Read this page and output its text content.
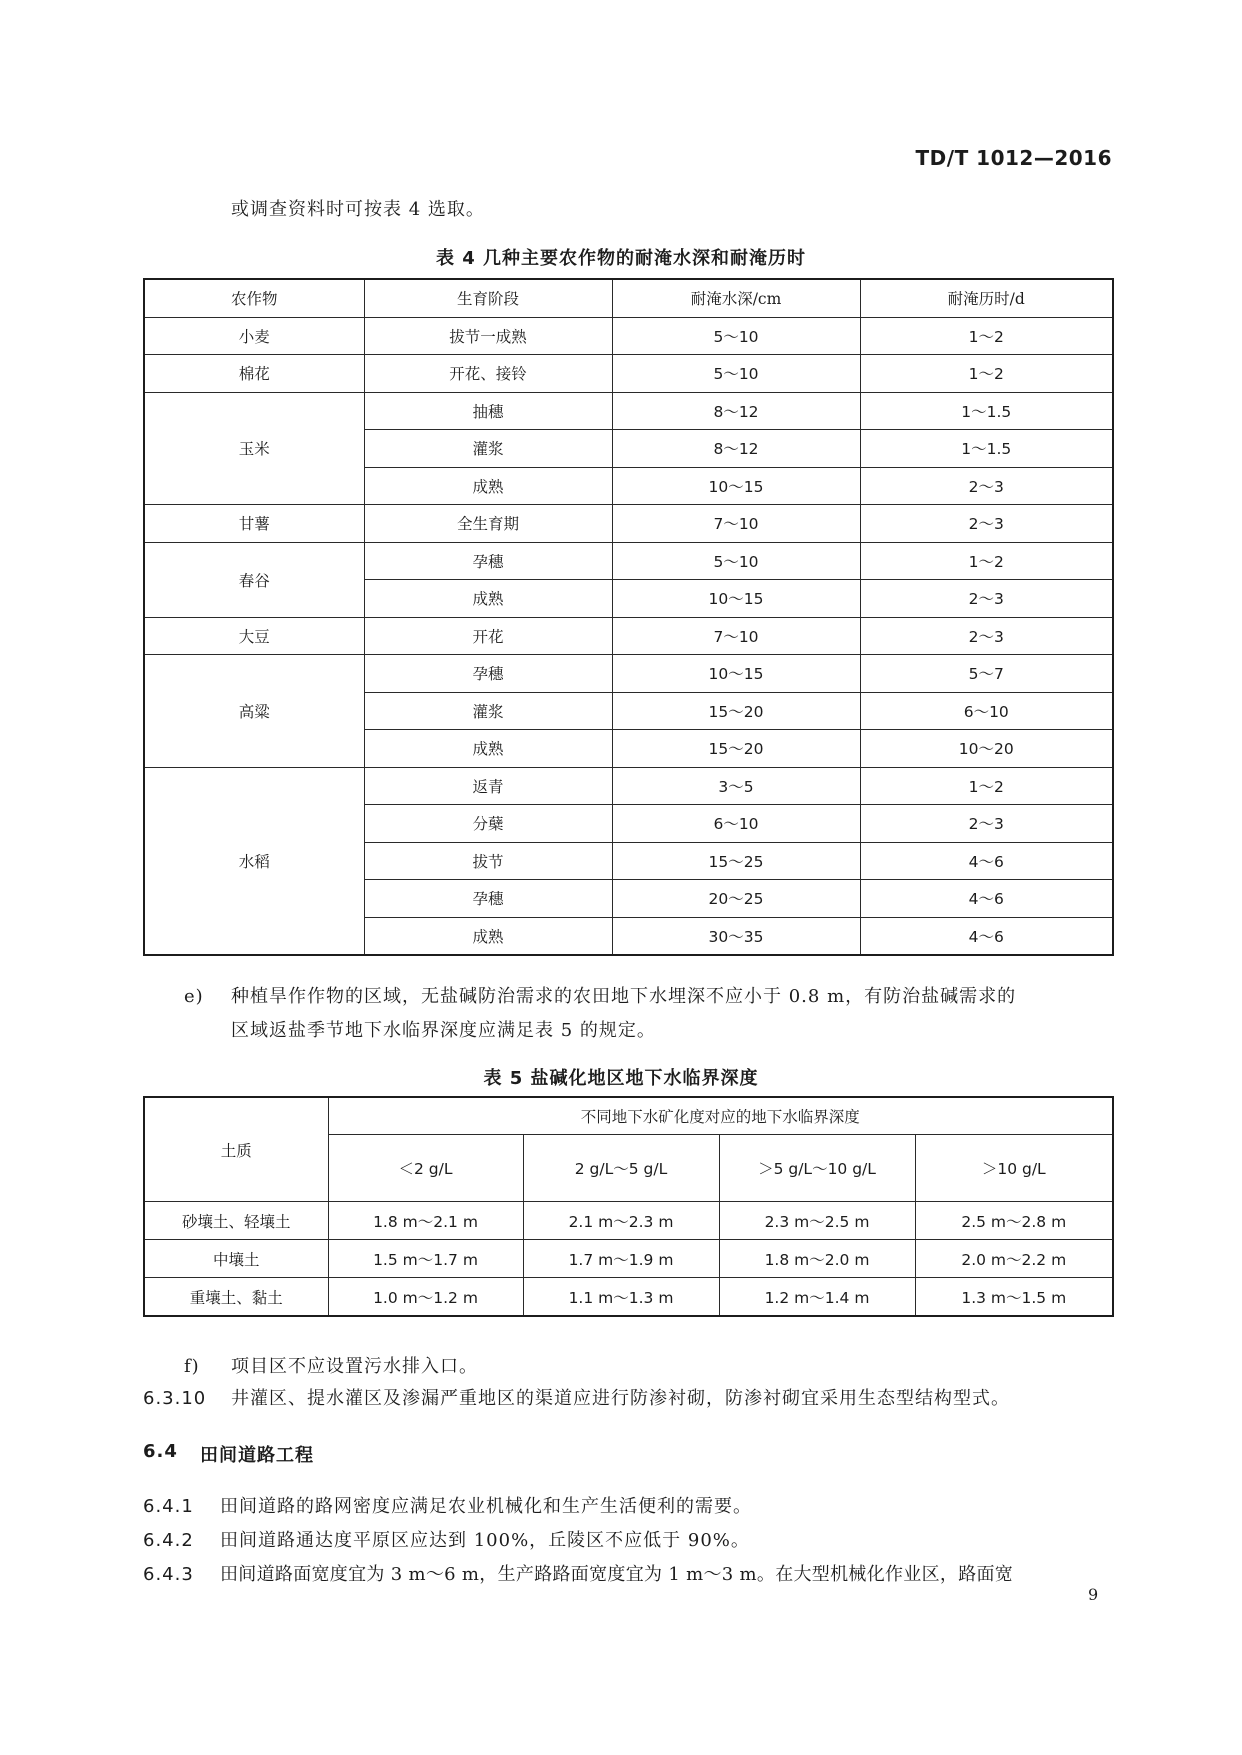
TD/T 1012—2016
或调查资料时可按表 4 选取。
表 4 几种主要农作物的耐淹水深和耐淹历时
农作物	生育阶段	耐淹水深/cm	耐淹历时/d
小麦	拔节一成熟	5～10	1～2
棉花	开花、接铃	5～10	1～2
玉米	抽穗	8～12	1～1.5
	灌浆	8～12	1～1.5
	成熟	10～15	2～3
甘薯	全生育期	7～10	2～3
春谷	孕穗	5～10	1～2
	成熟	10～15	2～3
大豆	开花	7～10	2～3
高粱	孕穗	10～15	5～7
	灌浆	15～20	6～10
	成熟	15～20	10～20
水稻	返青	3～5	1～2
	分蘖	6～10	2～3
	拔节	15～25	4～6
	孕穗	20～25	4～6
	成熟	30～35	4～6
e) 种植旱作作物的区域，无盐碱防治需求的农田地下水埋深不应小于 0.8 m，有防治盐碱需求的
区域返盐季节地下水临界深度应满足表 5 的规定。
表 5 盐碱化地区地下水临界深度
土质	不同地下水矿化度对应的地下水临界深度			
	＜2 g/L	2 g/L～5 g/L	＞5 g/L～10 g/L	＞10 g/L
砂壤土、轻壤土	1.8 m～2.1 m	2.1 m～2.3 m	2.3 m～2.5 m	2.5 m～2.8 m
中壤土	1.5 m～1.7 m	1.7 m～1.9 m	1.8 m～2.0 m	2.0 m～2.2 m
重壤土、黏土	1.0 m～1.2 m	1.1 m～1.3 m	1.2 m～1.4 m	1.3 m～1.5 m
f) 项目区不应设置污水排入口。
6.3.10 井灌区、提水灌区及渗漏严重地区的渠道应进行防渗衬砌，防渗衬砌宜采用生态型结构型式。
6.4 田间道路工程
6.4.1 田间道路的路网密度应满足农业机械化和生产生活便利的需要。
6.4.2 田间道路通达度平原区应达到 100%，丘陵区不应低于 90%。
6.4.3 田间道路面宽度宜为 3 m～6 m，生产路路面宽度宜为 1 m～3 m。在大型机械化作业区，路面宽
9
